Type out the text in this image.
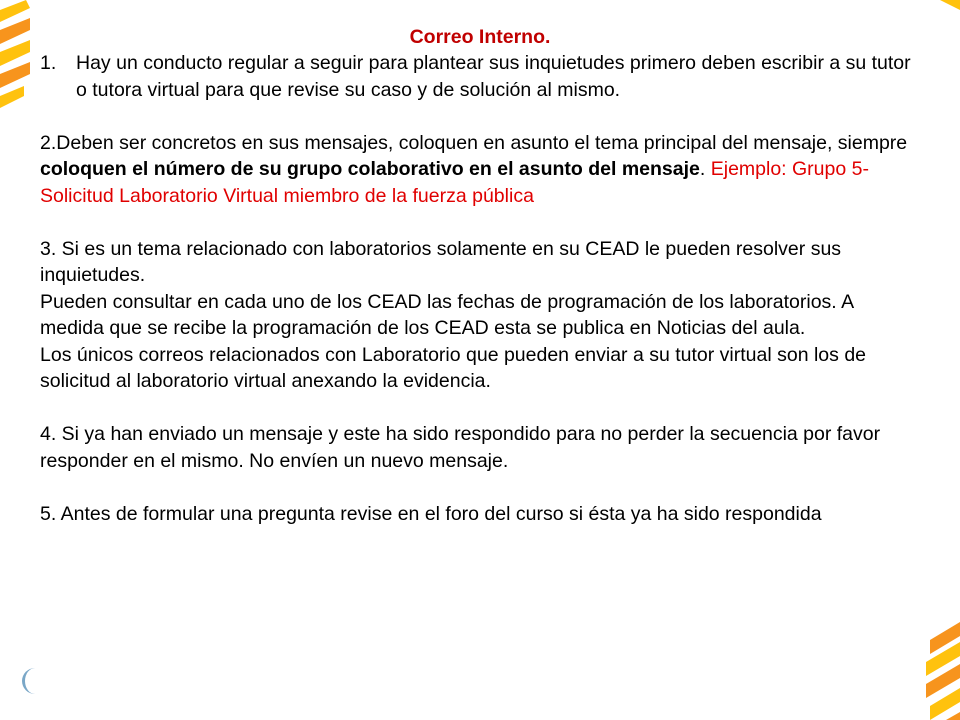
Correo Interno.
1.	Hay un conducto regular a seguir para plantear sus inquietudes primero deben escribir a su tutor o tutora virtual para que revise su caso y de solución al mismo.

2.Deben ser concretos en sus mensajes, coloquen en asunto el tema principal del mensaje, siempre coloquen el número de su grupo colaborativo en el asunto del mensaje. Ejemplo: Grupo 5- Solicitud Laboratorio Virtual miembro de la fuerza pública

3. Si es un tema relacionado con laboratorios solamente en su CEAD le pueden resolver sus inquietudes.

Pueden consultar en cada uno de los CEAD las fechas de programación de los laboratorios. A medida que se recibe la programación de los CEAD esta se publica en Noticias del aula.

Los únicos correos relacionados con Laboratorio que pueden enviar a su tutor virtual son los de solicitud al laboratorio virtual anexando la evidencia.

4. Si ya han enviado un mensaje y este ha sido respondido para no perder la secuencia por favor responder en el mismo. No envíen un nuevo mensaje.

5. Antes de formular una pregunta revise en el foro del curso si ésta ya ha sido respondida
